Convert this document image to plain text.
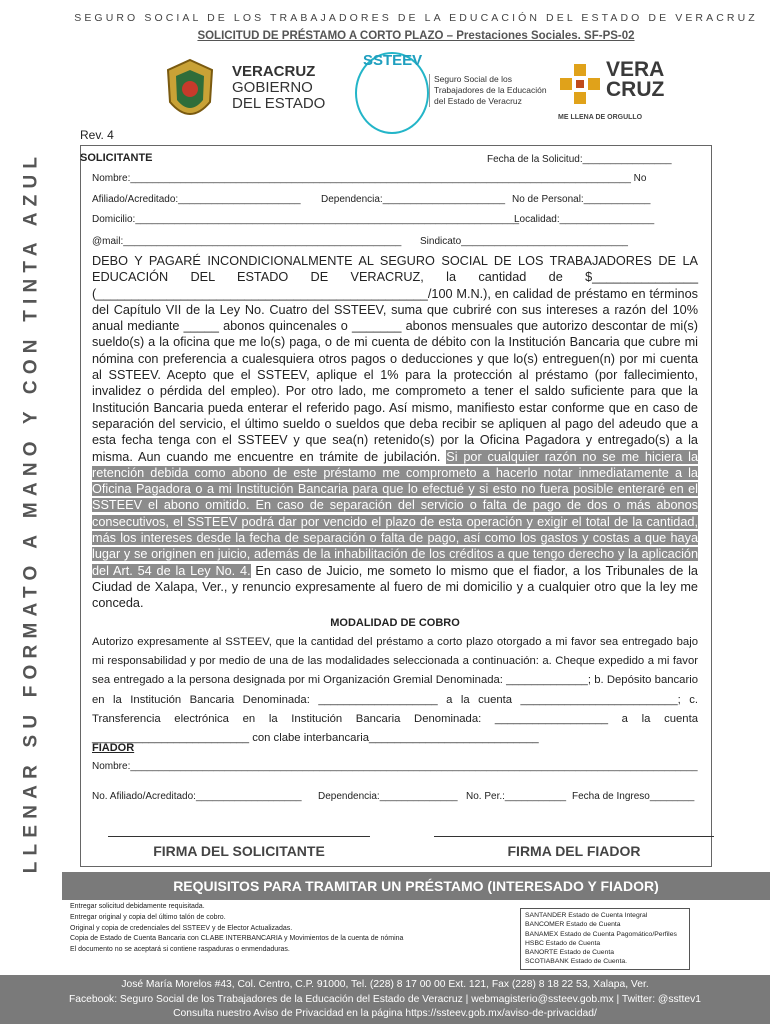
LLENAR SU FORMATO A MANO Y CON TINTA AZUL
SEGURO SOCIAL DE LOS TRABAJADORES DE LA EDUCACIÓN DEL ESTADO DE VERACRUZ
SOLICITUD DE PRÉSTAMO A CORTO PLAZO – Prestaciones Sociales. SF-PS-02
VERACRUZ
GOBIERNO
DEL ESTADO
SSTEEV
Seguro Social de los
Trabajadores de la Educación
del Estado de Veracruz
VERA
CRUZ
ME LLENA DE ORGULLO
Rev. 4
SOLICITANTE	Fecha de la Solicitud:________________
Nombre:__________________________________________________________________________________________ No
Afiliado/Acreditado:______________________ Dependencia:______________________ No de Personal:____________
Domicilio:_____________________________________________________________________
Localidad:_________________
@mail:__________________________________________________ Sindicato______________________________
DEBO Y PAGARÉ INCONDICIONALMENTE AL SEGURO SOCIAL DE LOS TRABAJADORES DE LA EDUCACIÓN DEL ESTADO DE VERACRUZ, la cantidad de $_______________ (_______________________________________________/100 M.N.), en calidad de préstamo en términos del Capítulo VII de la Ley No. Cuatro del SSTEEV, suma que cubriré con sus intereses a razón del 10% anual mediante _____ abonos quincenales o _______ abonos mensuales que autorizo descontar de mi(s) sueldo(s) a la oficina que me lo(s) paga, o de mi cuenta de débito con la Institución Bancaria que cubre mi nómina con preferencia a cualesquiera otros pagos o deducciones y que lo(s) entreguen(n) por mi cuenta al SSTEEV. Acepto que el SSTEEV, aplique el 1% para la protección al préstamo (por fallecimiento, invalidez o pérdida del empleo). Por otro lado, me comprometo a tener el saldo suficiente para que la Institución Bancaria pueda enterar el referido pago. Así mismo, manifiesto estar conforme que en caso de separación del servicio, el último sueldo o sueldos que deba recibir se apliquen al pago del adeudo que a esta fecha tenga con el SSTEEV y que sea(n) retenido(s) por la Oficina Pagadora y entregado(s) a la misma. Aun cuando me encuentre en trámite de jubilación. Si por cualquier razón no se me hiciera la retención debida como abono de este préstamo me comprometo a hacerlo notar inmediatamente a la Oficina Pagadora o a mi Institución Bancaria para que lo efectué y si esto no fuera posible enteraré en el SSTEEV el abono omitido. En caso de separación del servicio o falta de pago de dos o más abonos consecutivos, el SSTEEV podrá dar por vencido el plazo de esta operación y exigir el total de la cantidad, más los intereses desde la fecha de separación o falta de pago, así como los gastos y costas a que haya lugar y se originen en juicio, además de la inhabilitación de los créditos a que tengo derecho y la aplicación del Art. 54 de la Ley No. 4. En caso de Juicio, me someto lo mismo que el fiador, a los Tribunales de la Ciudad de Xalapa, Ver., y renuncio expresamente al fuero de mi domicilio y a cualquier otro que la ley me conceda.
MODALIDAD DE COBRO
Autorizo expresamente al SSTEEV, que la cantidad del préstamo a corto plazo otorgado a mi favor sea entregado bajo mi responsabilidad y por medio de una de las modalidades seleccionada a continuación: a. Cheque expedido a mi favor sea entregado a la persona designada por mi Organización Gremial Denominada: _____________; b. Depósito bancario en la Institución Bancaria Denominada: ___________________ a la cuenta _________________________; c. Transferencia electrónica en la Institución Bancaria Denominada: __________________ a la cuenta _________________________ con clabe interbancaria___________________________
FIADOR
Nombre:______________________________________________________________________________________________________
No. Afiliado/Acreditado:___________________ Dependencia:______________ No. Per.:___________ Fecha de Ingreso________
FIRMA DEL SOLICITANTE	FIRMA DEL FIADOR
REQUISITOS PARA TRAMITAR UN PRÉSTAMO (INTERESADO Y FIADOR)
Entregar solicitud debidamente requisitada.
Entregar original y copia del último talón de cobro.
Original y copia de credenciales del SSTEEV y de Elector Actualizadas.
Copia de Estado de Cuenta Bancaria con CLABE INTERBANCARIA y Movimientos de la cuenta de nómina
El documento no se aceptará si contiene raspaduras o enmendaduras.
SANTANDER Estado de Cuenta Integral
BANCOMER Estado de Cuenta
BANAMEX Estado de Cuenta Pagomático/Perfiles
HSBC Estado de Cuenta
BANORTE Estado de Cuenta
SCOTIABANK Estado de Cuenta.
José María Morelos #43, Col. Centro, C.P. 91000, Tel. (228) 8 17 00 00 Ext. 121, Fax (228) 8 18 22 53, Xalapa, Ver.
Facebook: Seguro Social de los Trabajadores de la Educación del Estado de Veracruz | webmagisterio@ssteev.gob.mx | Twitter: @ssttev1
Consulta nuestro Aviso de Privacidad en la página https://ssteev.gob.mx/aviso-de-privacidad/
